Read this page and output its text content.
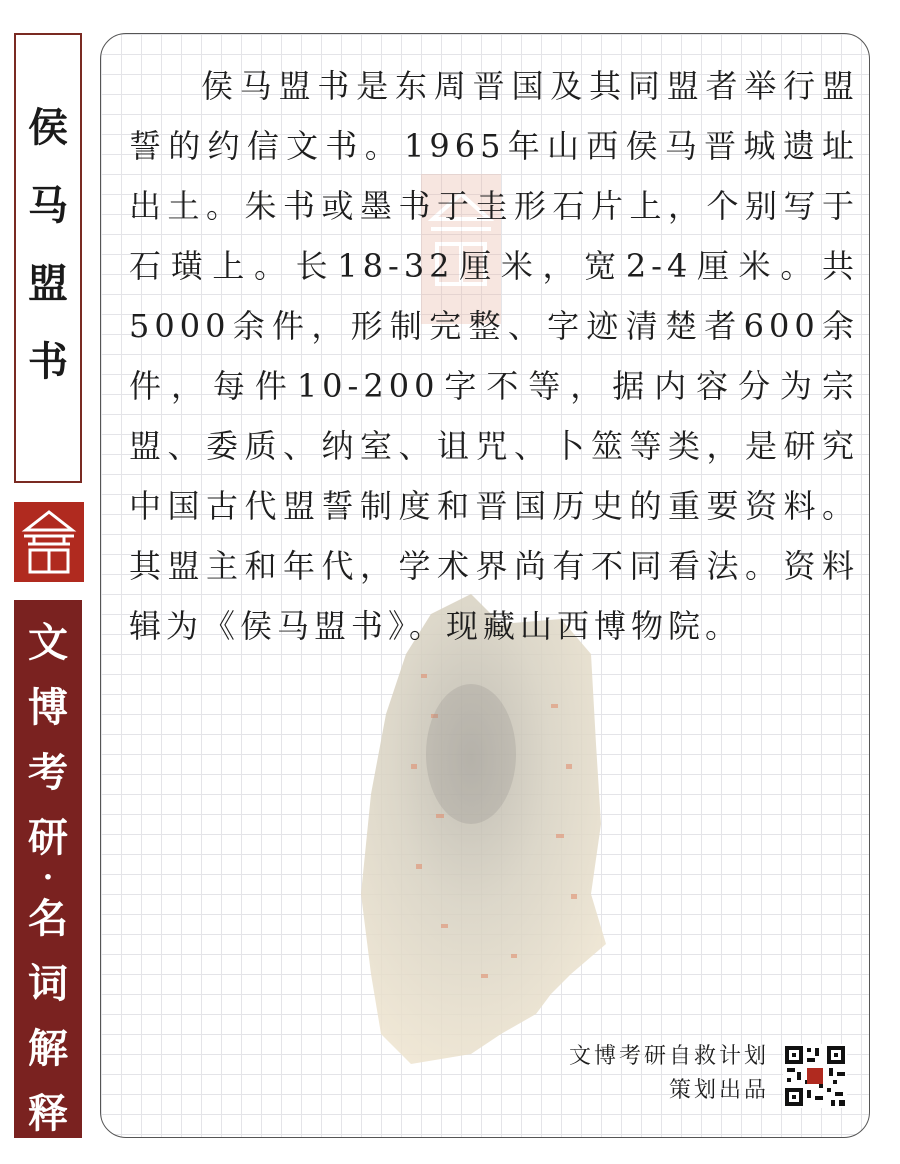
侯
马
盟
书
文
博
考
研
·
名
词
解
释

侯马盟书是东周晋国及其同盟者举行盟誓的约信文书。1965年山西侯马晋城遗址出土。朱书或墨书于圭形石片上，个别写于石璜上。长18-32厘米，宽2-4厘米。共5000余件，形制完整、字迹清楚者600余件，每件10-200字不等，据内容分为宗盟、委质、纳室、诅咒、卜筮等类，是研究中国古代盟誓制度和晋国历史的重要资料。其盟主和年代，学术界尚有不同看法。资料辑为《侯马盟书》。现藏山西博物院。

文博考研自救计划
策划出品
